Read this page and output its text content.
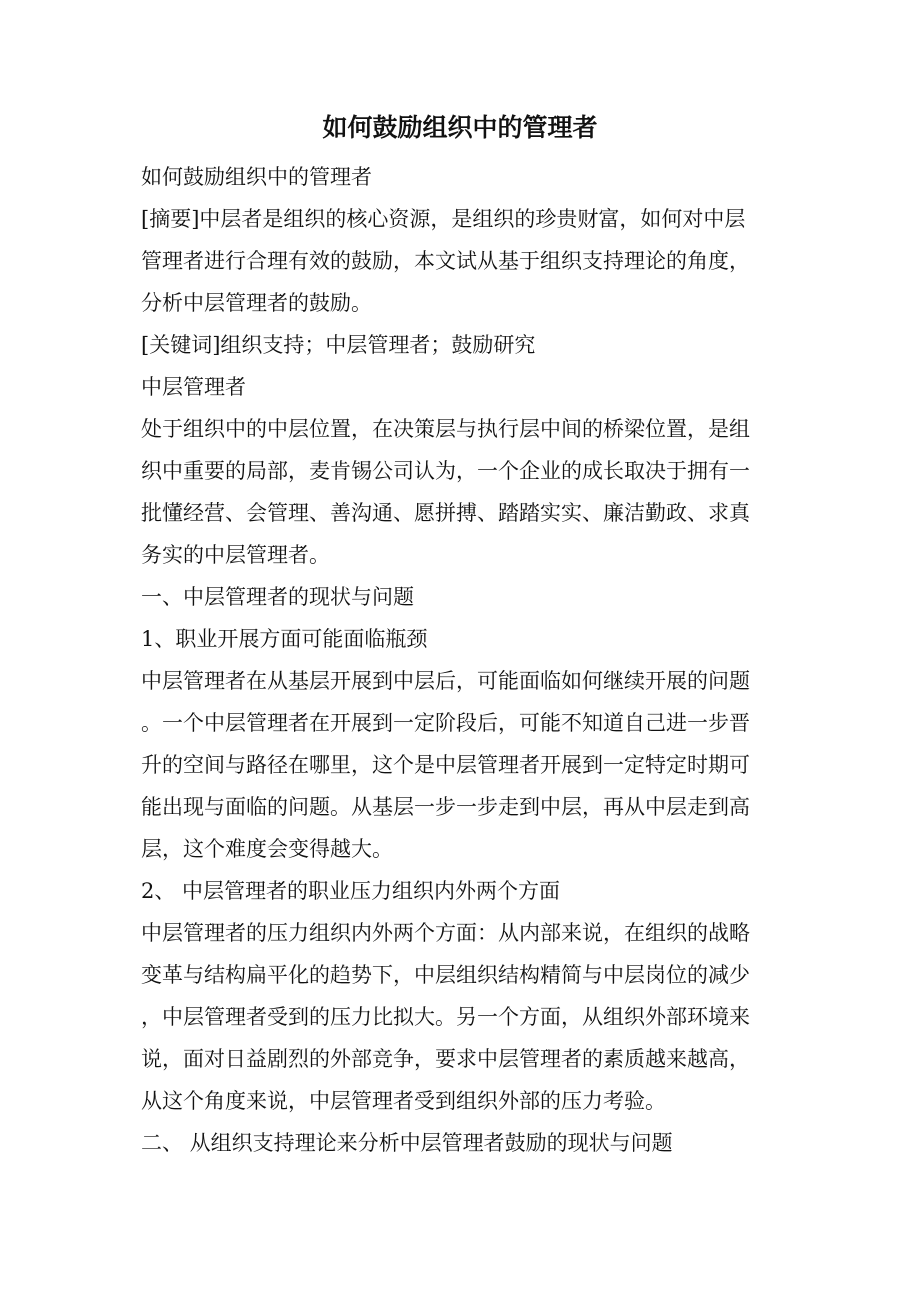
如何鼓励组织中的管理者

如何鼓励组织中的管理者

[摘要]中层者是组织的核心资源，是组织的珍贵财富，如何对中层

管理者进行合理有效的鼓励，本文试从基于组织支持理论的角度，

分析中层管理者的鼓励。

[关键词]组织支持；中层管理者；鼓励研究

中层管理者

处于组织中的中层位置，在决策层与执行层中间的桥梁位置，是组

织中重要的局部，麦肯锡公司认为，一个企业的成长取决于拥有一

批懂经营、会管理、善沟通、愿拼搏、踏踏实实、廉洁勤政、求真

务实的中层管理者。

一、中层管理者的现状与问题

1、职业开展方面可能面临瓶颈

中层管理者在从基层开展到中层后，可能面临如何继续开展的问题

。一个中层管理者在开展到一定阶段后，可能不知道自己进一步晋

升的空间与路径在哪里，这个是中层管理者开展到一定特定时期可

能出现与面临的问题。从基层一步一步走到中层，再从中层走到高

层，这个难度会变得越大。

2、 中层管理者的职业压力组织内外两个方面

中层管理者的压力组织内外两个方面：从内部来说，在组织的战略

变革与结构扁平化的趋势下，中层组织结构精简与中层岗位的减少

，中层管理者受到的压力比拟大。另一个方面，从组织外部环境来

说，面对日益剧烈的外部竞争，要求中层管理者的素质越来越高，

从这个角度来说，中层管理者受到组织外部的压力考验。

二、 从组织支持理论来分析中层管理者鼓励的现状与问题
